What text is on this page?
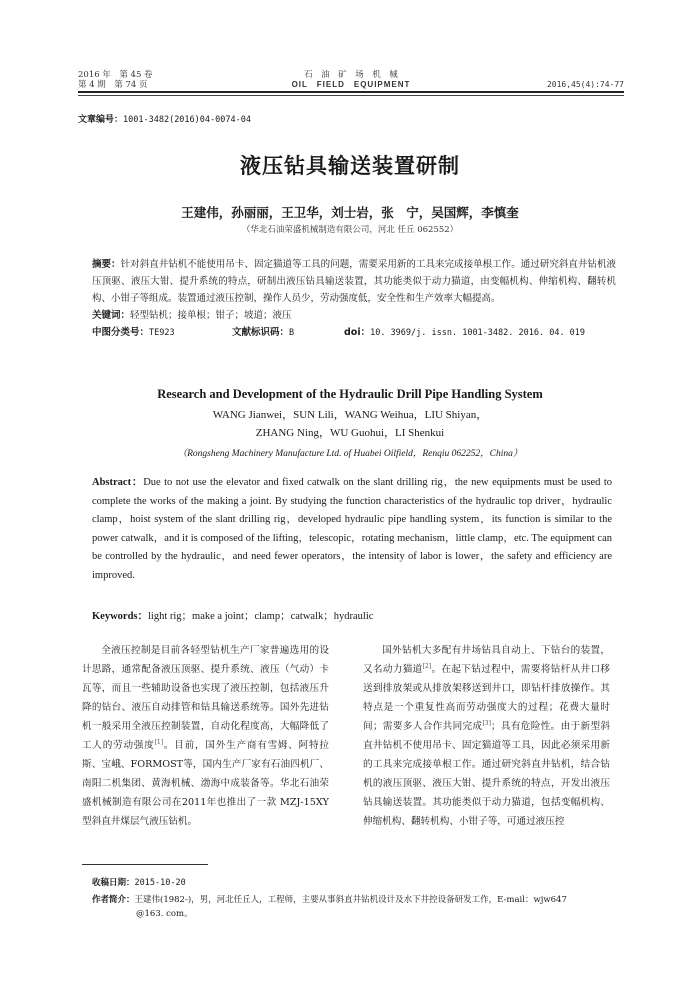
2016 年　第 45 卷
第 4 期　第 74 页
石　油　矿　场　机　械
OIL　FIELD　EQUIPMENT	2016,45(4):74-77
文章编号：1001-3482(2016)04-0074-04
液压钻具输送装置研制
王建伟，孙丽丽，王卫华，刘士岩，张　宁，吴国辉，李慎奎
（华北石油荣盛机械制造有限公司，河北 任丘 062552）
摘要：针对斜直井钻机不能使用吊卡、固定猫道等工具的问题，需要采用新的工具来完成接单根工作。通过研究斜直井钻机液压顶驱、液压大钳、提升系统的特点，研制出液压钻具输送装置，其功能类似于动力猫道，由变幅机构、伸缩机构、翻转机构、小钳子等组成。装置通过液压控制，操作人员少，劳动强度低，安全性和生产效率大幅提高。
关键词：轻型钻机；接单根；钳子；坡道；液压
中图分类号：TE923	文献标识码：B	doi：10. 3969/j. issn. 1001-3482. 2016. 04. 019
Research and Development of the Hydraulic Drill Pipe Handling System
WANG Jianwei，SUN Lili，WANG Weihua，LIU Shiyan，
ZHANG Ning，WU Guohui，LI Shenkui
（Rongsheng Machinery Manufacture Ltd. of Huabei Oilfield，Renqiu 062252，China）
Abstract：Due to not use the elevator and fixed catwalk on the slant drilling rig，the new equipments must be used to complete the works of the making a joint. By studying the function characteristics of the hydraulic top driver，hydraulic clamp，hoist system of the slant drilling rig，developed hydraulic pipe handling system，its function is similar to the power catwalk，and it is composed of the lifting，telescopic，rotating mechanism，little clamp，etc. The equipment can be controlled by the hydraulic，and need fewer operators，the intensity of labor is lower，the safety and efficiency are improved.
Keywords：light rig；make a joint；clamp；catwalk；hydraulic
全液压控制是目前各轻型钻机生产厂家普遍选用的设计思路，通常配备液压顶驱、提升系统、液压（气动）卡瓦等，而且一些辅助设备也实现了液压控制，包括液压升降的钻台、液压自动排管和钻具输送系统等。国外先进钻机一般采用全液压控制装置，自动化程度高，大幅降低了工人的劳动强度[1]。目前，国外生产商有雪姆、阿特拉斯、宝峨、FORMOST等，国内生产厂家有石油四机厂、南阳二机集团、黄海机械、渤海中成装备等。华北石油荣盛机械制造有限公司在2011年也推出了一款 MZJ-15XY 型斜直井煤层气液压钻机。
国外钻机大多配有井场钻具自动上、下钻台的装置，又名动力猫道[2]。在起下钻过程中，需要将钻杆从井口移送到排放架或从排放架移送到井口，即钻杆排放操作。其特点是一个重复性高而劳动强度大的过程；花费大量时间；需要多人合作共同完成[3]；具有危险性。由于新型斜直井钻机不使用吊卡、固定猫道等工具，因此必须采用新的工具来完成接单根工作。通过研究斜直井钻机，结合钻机的液压顶驱、液压大钳、提升系统的特点，开发出液压钻具输送装置。其功能类似于动力猫道，包括变幅机构、伸缩机构、翻转机构、小钳子等，可通过液压控
收稿日期：2015-10-20
作者简介：王建伟(1982-)，男，河北任丘人，工程师，主要从事斜直井钻机设计及水下井控设备研发工作，E-mail：wjw647
@163. com。
